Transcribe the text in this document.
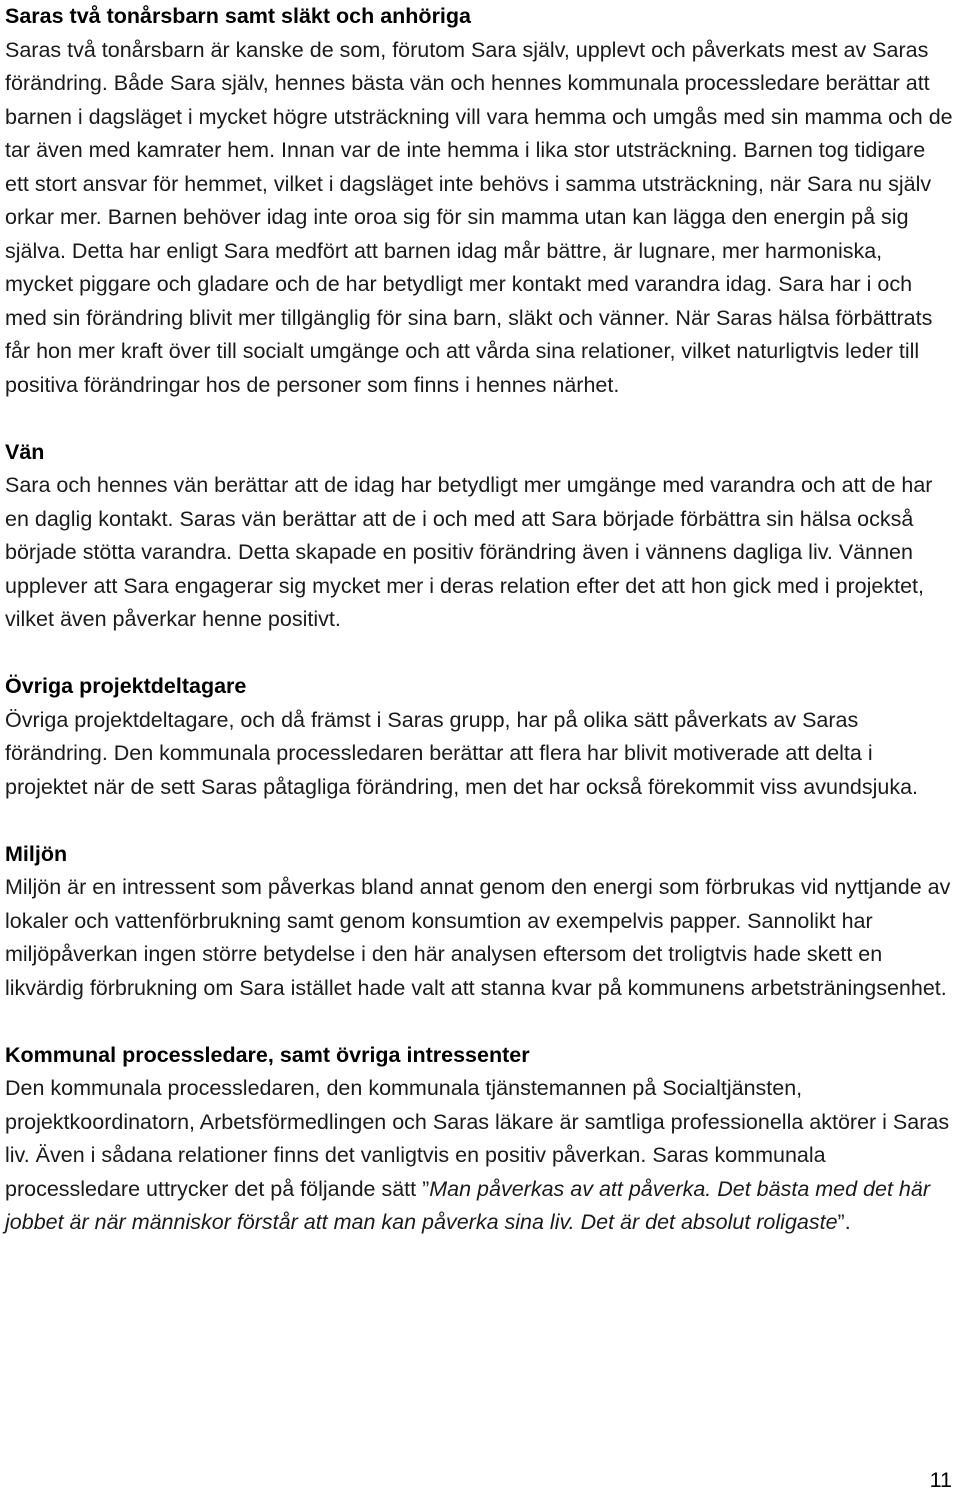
Saras två tonårsbarn samt släkt och anhöriga

Saras två tonårsbarn är kanske de som, förutom Sara själv, upplevt och påverkats mest av Saras förändring. Både Sara själv, hennes bästa vän och hennes kommunala processledare berättar att barnen i dagsläget i mycket högre utsträckning vill vara hemma och umgås med sin mamma och de tar även med kamrater hem. Innan var de inte hemma i lika stor utsträckning. Barnen tog tidigare ett stort ansvar för hemmet, vilket i dagsläget inte behövs i samma utsträckning, när Sara nu själv orkar mer. Barnen behöver idag inte oroa sig för sin mamma utan kan lägga den energin på sig själva. Detta har enligt Sara medfört att barnen idag mår bättre, är lugnare, mer harmoniska, mycket piggare och gladare och de har betydligt mer kontakt med varandra idag. Sara har i och med sin förändring blivit mer tillgänglig för sina barn, släkt och vänner. När Saras hälsa förbättrats får hon mer kraft över till socialt umgänge och att vårda sina relationer, vilket naturligtvis leder till positiva förändringar hos de personer som finns i hennes närhet.

Vän

Sara och hennes vän berättar att de idag har betydligt mer umgänge med varandra och att de har en daglig kontakt. Saras vän berättar att de i och med att Sara började förbättra sin hälsa också började stötta varandra. Detta skapade en positiv förändring även i vännens dagliga liv. Vännen upplever att Sara engagerar sig mycket mer i deras relation efter det att hon gick med i projektet, vilket även påverkar henne positivt.

Övriga projektdeltagare

Övriga projektdeltagare, och då främst i Saras grupp, har på olika sätt påverkats av Saras förändring. Den kommunala processledaren berättar att flera har blivit motiverade att delta i projektet när de sett Saras påtagliga förändring, men det har också förekommit viss avundsjuka.

Miljön

Miljön är en intressent som påverkas bland annat genom den energi som förbrukas vid nyttjande av lokaler och vattenförbrukning samt genom konsumtion av exempelvis papper. Sannolikt har miljöpåverkan ingen större betydelse i den här analysen eftersom det troligtvis hade skett en likvärdig förbrukning om Sara istället hade valt att stanna kvar på kommunens arbetsträningsenhet.

Kommunal processledare, samt övriga intressenter

Den kommunala processledaren, den kommunala tjänstemannen på Socialtjänsten, projektkoordinatorn, Arbetsförmedlingen och Saras läkare är samtliga professionella aktörer i Saras liv. Även i sådana relationer finns det vanligtvis en positiv påverkan. Saras kommunala processledare uttrycker det på följande sätt ”Man påverkas av att påverka. Det bästa med det här jobbet är när människor förstår att man kan påverka sina liv. Det är det absolut roligaste”.

11
